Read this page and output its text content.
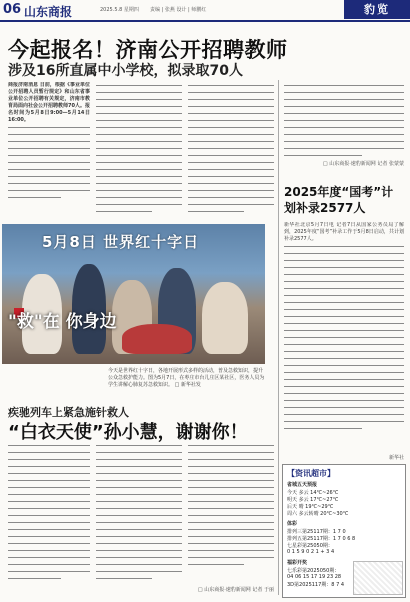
06 山东商报	2025.5.8 星期四 责编 | 张燕 设计 | 师鹏红	豹览
今起报名！济南公开招聘教师
涉及16所直属中小学校，拟录取70人
商报济南消息 日前，根据《事业单位公开招聘人员暂行规定》和山东省事业单位公开招聘有关规定，济南市教育局面向社会公开招聘教师70人。报名时间为5月8日9:00—5月14日16:00。
□ 山东商报·速豹新闻网 记者 张蒙蒙
5月8日 世界红十字日
"救"在 你身边
今天是世界红十字日，各地开展形式多样的活动，普及急救知识，提升公众急救护能力。图为5月7日，在枣庄市台儿庄区某社区，医务人员为学生讲解心肺复苏急救知识。 □ 新华社发
疾驰列车上紧急施针救人
“白衣天使”孙小慧，谢谢你！
□ 山东商报·速豹新闻网 记者 于丽
2025年度“国考”计划补录2577人
新华社北京5月7日电 记者7日从国家公务员局了解到，2025年度“国考”补录工作于5月8日启动，共计划补录2577人。
新华社
【资讯超市】
省城五天预报
今天 多云 14℃~26℃
明天 多云 17℃~27℃
后天 晴 19℃~29℃
周六 多云转晴 20℃~30℃
体彩
排列三第25117期：1 7 0
排列五第25117期：1 7 0 6 8
七星彩第25050期：
0 1 5 9 0 2 1 + 3 4
福彩开奖
七乐彩第2025050期：
04 06 15 17 19 23 28
3D第2025117期：8 7 4
